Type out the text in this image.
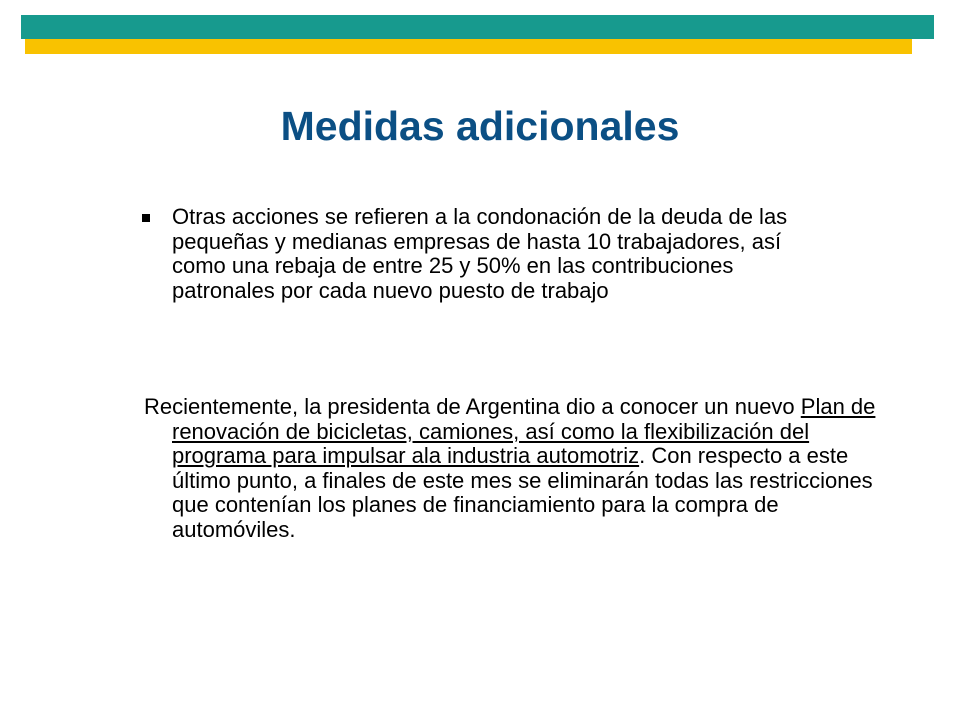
Medidas adicionales
Otras acciones se refieren a la condonación de la deuda de las pequeñas y medianas empresas de hasta 10 trabajadores, así como una rebaja de entre 25 y 50% en las contribuciones patronales por cada nuevo puesto de trabajo
Recientemente, la presidenta de Argentina dio a conocer un nuevo Plan de renovación de bicicletas, camiones, así como la flexibilización del programa para impulsar ala industria automotriz. Con respecto a este último punto, a finales de este mes se eliminarán todas las restricciones que contenían los planes de financiamiento para la compra de automóviles.
